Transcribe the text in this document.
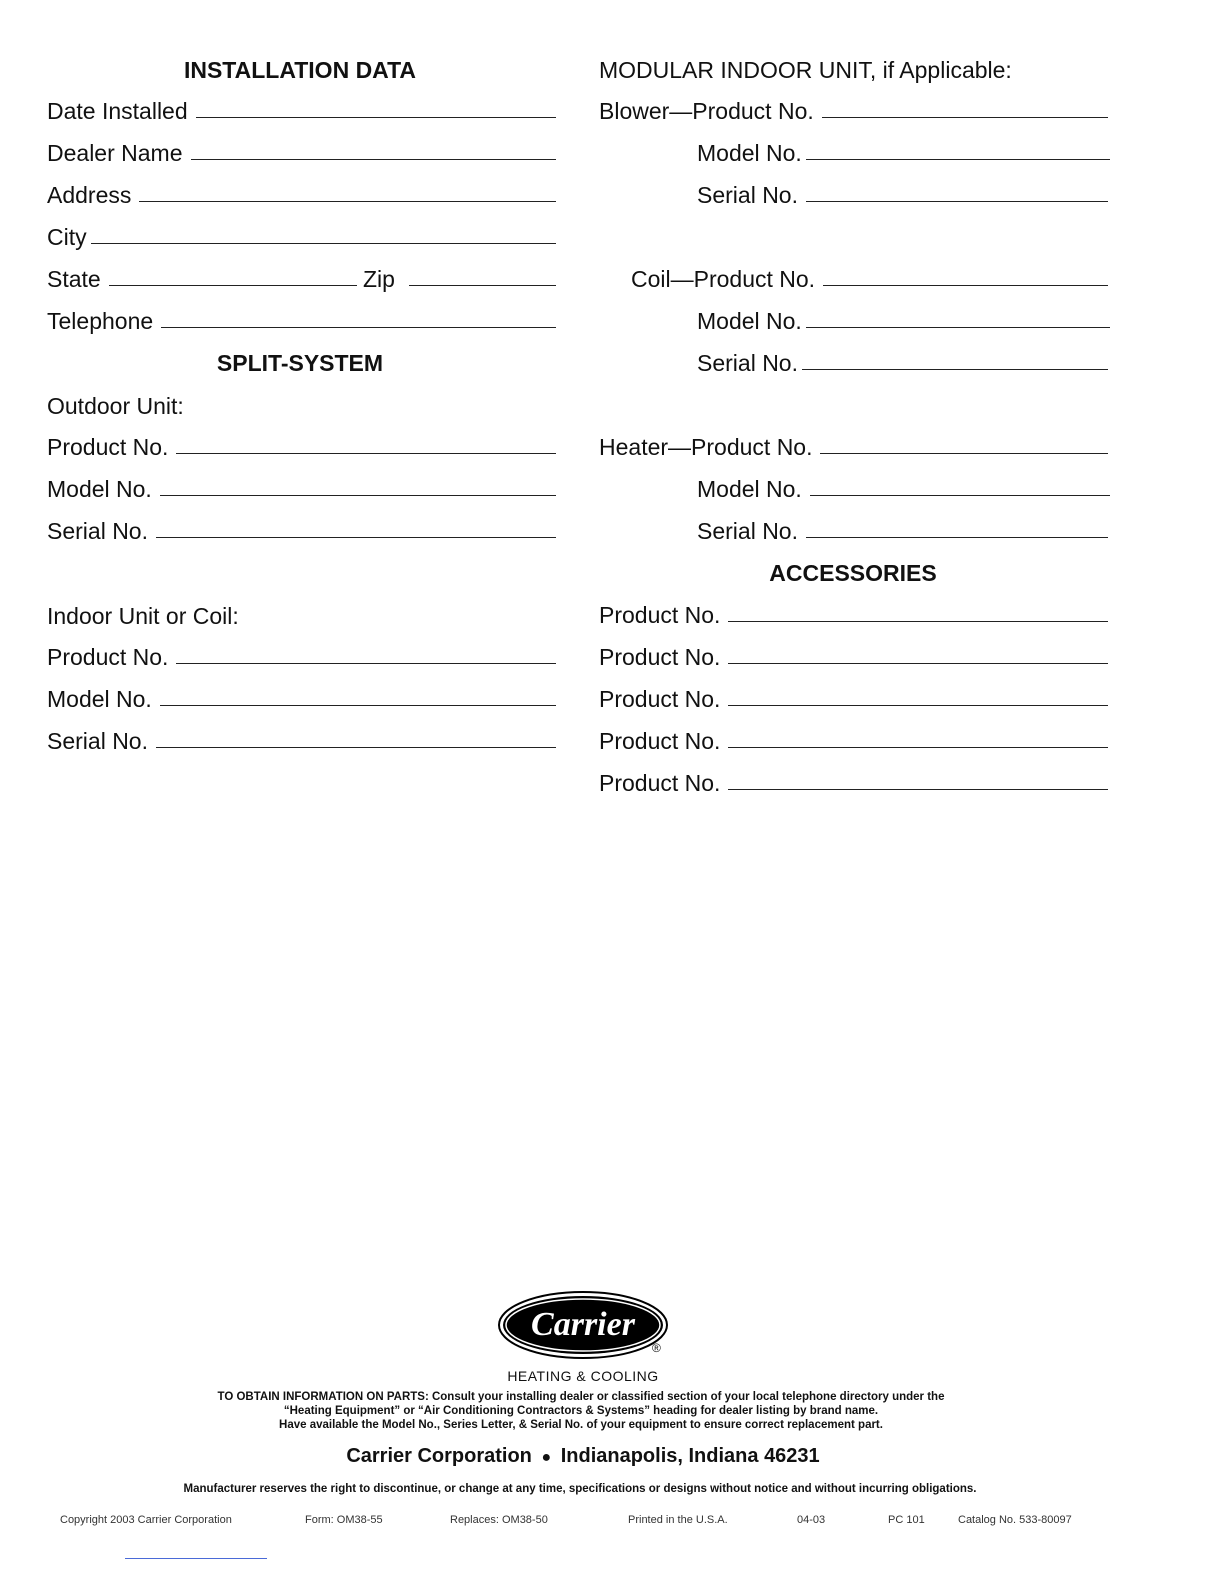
INSTALLATION DATA
Date Installed
Dealer Name
Address
City
State	Zip
Telephone
SPLIT-SYSTEM
Outdoor Unit:
Product No.
Model No.
Serial No.
Indoor Unit or Coil:
Product No.
Model No.
Serial No.
MODULAR INDOOR UNIT, if Applicable:
Blower—Product No.
Model No.
Serial No.
Coil—Product No.
Model No.
Serial No.
Heater—Product No.
Model No.
Serial No.
ACCESSORIES
Product No.
Product No.
Product No.
Product No.
Product No.
Carrier
®
HEATING & COOLING
TO OBTAIN INFORMATION ON PARTS: Consult your installing dealer or classified section of your local telephone directory under the
“Heating Equipment” or “Air Conditioning Contractors & Systems” heading for dealer listing by brand name.
Have available the Model No., Series Letter, & Serial No. of your equipment to ensure correct replacement part.
Carrier Corporation ● Indianapolis, Indiana 46231
Manufacturer reserves the right to discontinue, or change at any time, specifications or designs without notice and without incurring obligations.
Copyright 2003 Carrier Corporation	Form: OM38-55	Replaces: OM38-50	Printed in the U.S.A.	04-03	PC 101	Catalog No. 533-80097
